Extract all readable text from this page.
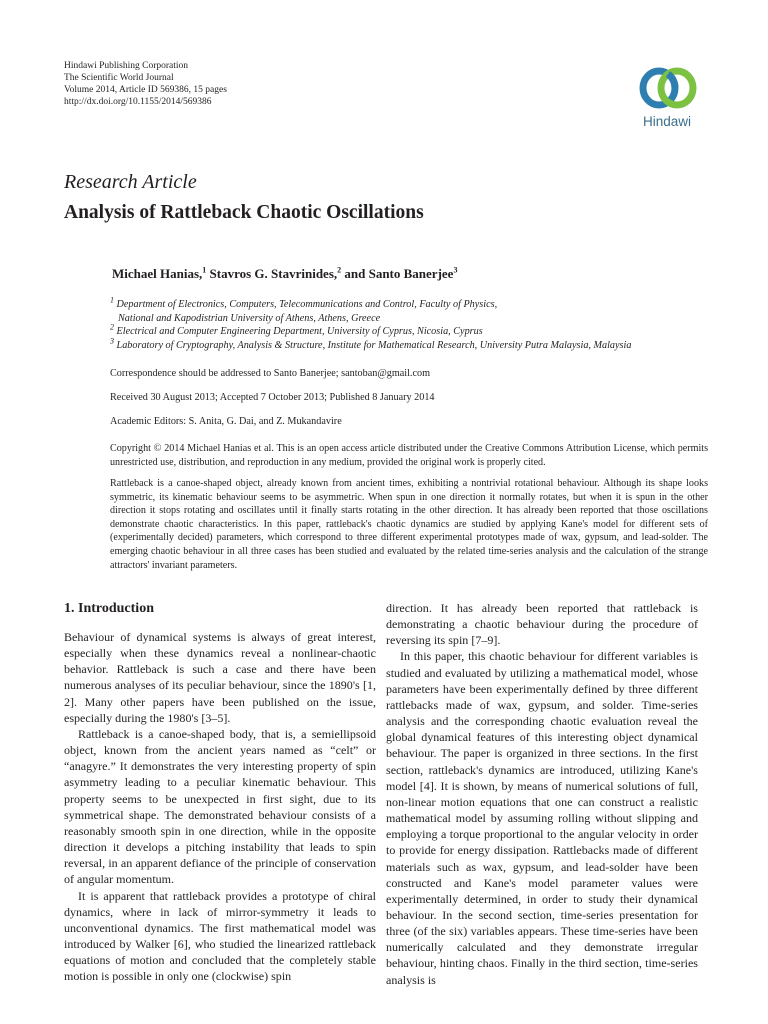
Hindawi Publishing Corporation
The Scientific World Journal
Volume 2014, Article ID 569386, 15 pages
http://dx.doi.org/10.1155/2014/569386
Hindawi
Research Article
Analysis of Rattleback Chaotic Oscillations
Michael Hanias,$^1$ Stavros G. Stavrinides,$^2$ and Santo Banerjee$^3$
$^1$ Department of Electronics, Computers, Telecommunications and Control, Faculty of Physics,
National and Kapodistrian University of Athens, Athens, Greece
$^2$ Electrical and Computer Engineering Department, University of Cyprus, Nicosia, Cyprus
$^3$ Laboratory of Cryptography, Analysis & Structure, Institute for Mathematical Research, University Putra Malaysia, Malaysia
Correspondence should be addressed to Santo Banerjee; santoban@gmail.com
Received 30 August 2013; Accepted 7 October 2013; Published 8 January 2014
Academic Editors: S. Anita, G. Dai, and Z. Mukandavire
Copyright © 2014 Michael Hanias et al. This is an open access article distributed under the Creative Commons Attribution License, which permits unrestricted use, distribution, and reproduction in any medium, provided the original work is properly cited.
Rattleback is a canoe-shaped object, already known from ancient times, exhibiting a nontrivial rotational behaviour. Although its shape looks symmetric, its kinematic behaviour seems to be asymmetric. When spun in one direction it normally rotates, but when it is spun in the other direction it stops rotating and oscillates until it finally starts rotating in the other direction. It has already been reported that those oscillations demonstrate chaotic characteristics. In this paper, rattleback's chaotic dynamics are studied by applying Kane's model for different sets of (experimentally decided) parameters, which correspond to three different experimental prototypes made of wax, gypsum, and lead-solder. The emerging chaotic behaviour in all three cases has been studied and evaluated by the related time-series analysis and the calculation of the strange attractors' invariant parameters.
1. Introduction

Behaviour of dynamical systems is always of great interest, especially when these dynamics reveal a nonlinear-chaotic behavior. Rattleback is such a case and there have been numerous analyses of its peculiar behaviour, since the 1890's [1, 2]. Many other papers have been published on the issue, especially during the 1980's [3–5].

Rattleback is a canoe-shaped body, that is, a semiellipsoid object, known from the ancient years named as “celt” or “anagyre.” It demonstrates the very interesting property of spin asymmetry leading to a peculiar kinematic behaviour. This property seems to be unexpected in first sight, due to its symmetrical shape. The demonstrated behaviour consists of a reasonably smooth spin in one direction, while in the opposite direction it develops a pitching instability that leads to spin reversal, in an apparent defiance of the principle of conservation of angular momentum.

It is apparent that rattleback provides a prototype of chiral dynamics, where in lack of mirror-symmetry it leads to unconventional dynamics. The first mathematical model was introduced by Walker [6], who studied the linearized rattleback equations of motion and concluded that the completely stable motion is possible in only one (clockwise) spin

direction. It has already been reported that rattleback is demonstrating a chaotic behaviour during the procedure of reversing its spin [7–9].

In this paper, this chaotic behaviour for different variables is studied and evaluated by utilizing a mathematical model, whose parameters have been experimentally defined by three different rattlebacks made of wax, gypsum, and solder. Time-series analysis and the corresponding chaotic evaluation reveal the global dynamical features of this interesting object dynamical behaviour. The paper is organized in three sections. In the first section, rattleback's dynamics are introduced, utilizing Kane's model [4]. It is shown, by means of numerical solutions of full, non-linear motion equations that one can construct a realistic mathematical model by assuming rolling without slipping and employing a torque proportional to the angular velocity in order to provide for energy dissipation. Rattlebacks made of different materials such as wax, gypsum, and lead-solder have been constructed and Kane's model parameter values were experimentally determined, in order to study their dynamical behaviour. In the second section, time-series presentation for three (of the six) variables appears. These time-series have been numerically calculated and they demonstrate irregular behaviour, hinting chaos. Finally in the third section, time-series analysis is
